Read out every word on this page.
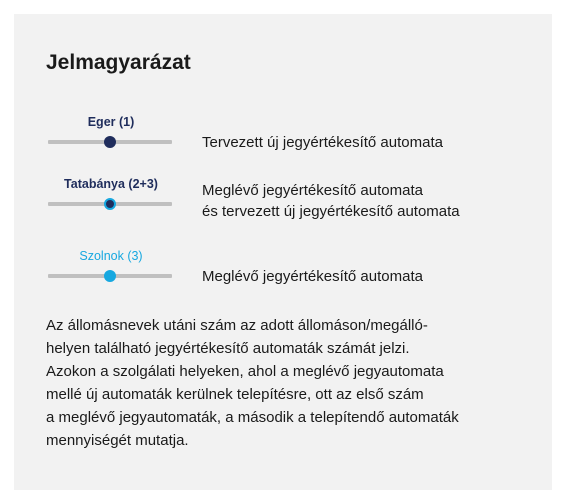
Jelmagyarázat
Eger (1)
Tervezett új jegyértékesítő automata
Tatabánya (2+3)	Meglévő jegyértékesítő automata
és tervezett új jegyértékesítő automata
Szolnok (3)
Meglévő jegyértékesítő automata
Az állomásnevek utáni szám az adott állomáson/megálló-
helyen található jegyértékesítő automaták számát jelzi.
Azokon a szolgálati helyeken, ahol a meglévő jegyautomata
mellé új automaták kerülnek telepítésre, ott az első szám
a meglévő jegyautomaták, a második a telepítendő automaták
mennyiségét mutatja.
